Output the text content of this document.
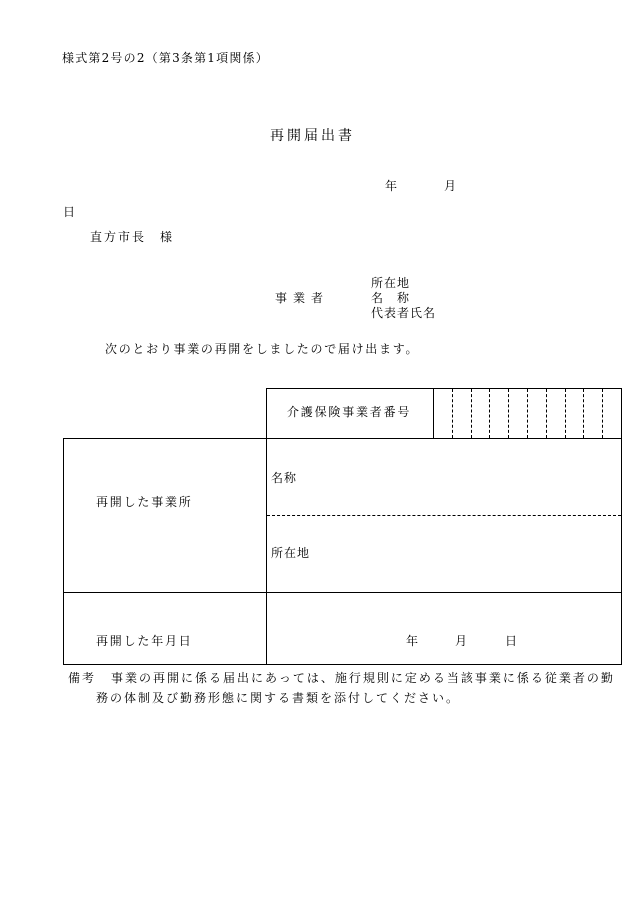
様式第2号の2（第3条第1項関係）
再開届出書
年	月
日
直方市長　様
所在地
事業者	名　称
代表者氏名
次のとおり事業の再開をしましたので届け出ます。
介護保険事業者番号
再開した事業所
名称
所在地
再開した年月日	年	月	日
備考 事業の再開に係る届出にあっては、施行規則に定める当該事業に係る従業者の勤
務の体制及び勤務形態に関する書類を添付してください。
